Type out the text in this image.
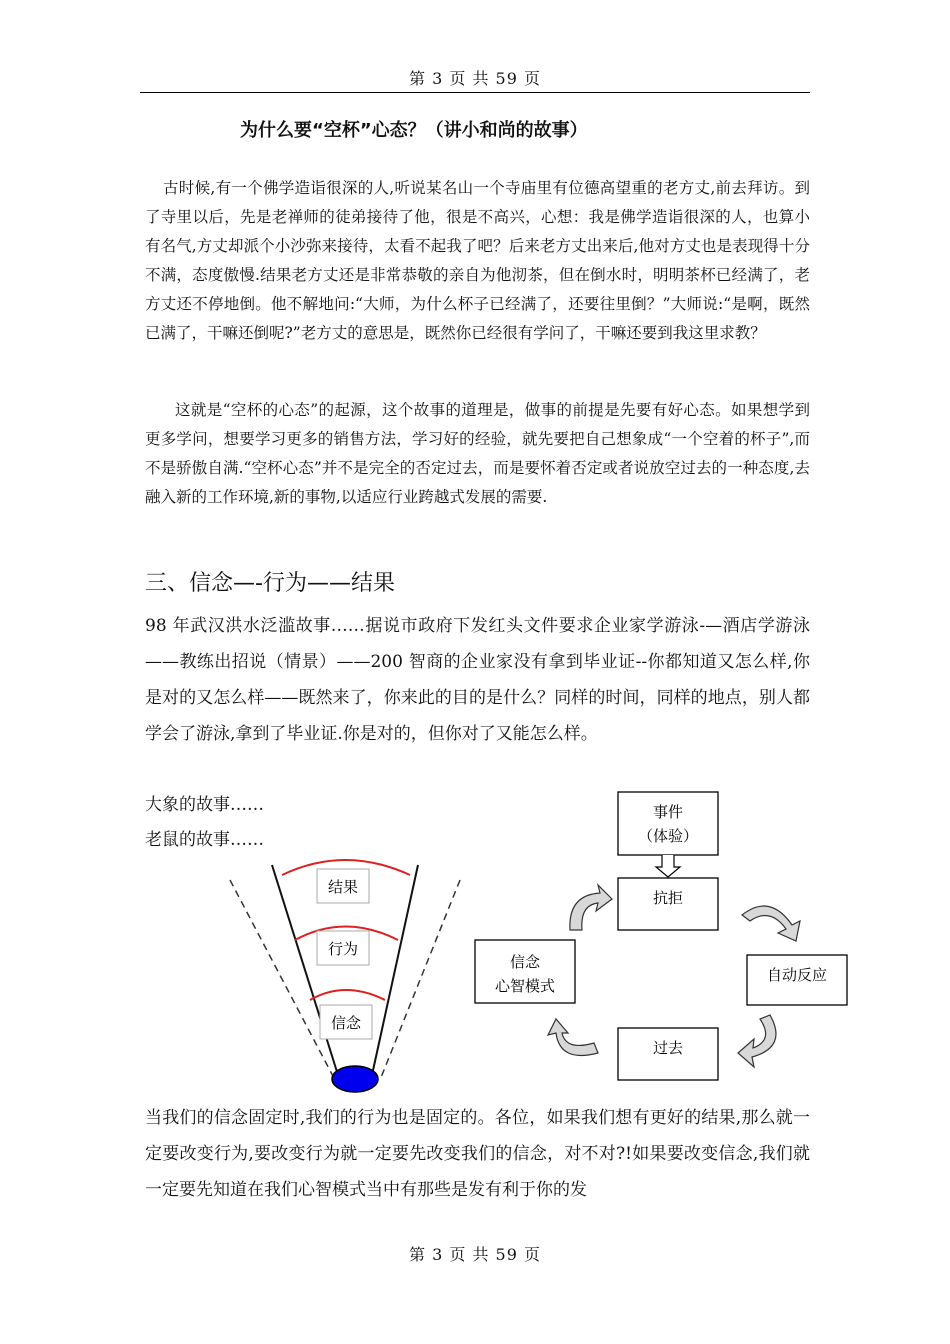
第 3 页 共 59 页
为什么要“空杯”心态？（讲小和尚的故事）
古时候,有一个佛学造诣很深的人,听说某名山一个寺庙里有位德高望重的老方丈,前去拜访。到了寺里以后，先是老禅师的徒弟接待了他，很是不高兴，心想：我是佛学造诣很深的人，也算小有名气,方丈却派个小沙弥来接待，太看不起我了吧？后来老方丈出来后,他对方丈也是表现得十分不满，态度傲慢.结果老方丈还是非常恭敬的亲自为他沏茶，但在倒水时，明明茶杯已经满了，老方丈还不停地倒。他不解地问:“大师，为什么杯子已经满了，还要往里倒？”大师说:“是啊，既然已满了，干嘛还倒呢?”老方丈的意思是，既然你已经很有学问了，干嘛还要到我这里求教？
这就是“空杯的心态”的起源，这个故事的道理是，做事的前提是先要有好心态。如果想学到更多学问，想要学习更多的销售方法，学习好的经验，就先要把自己想象成“一个空着的杯子”,而不是骄傲自满.“空杯心态”并不是完全的否定过去，而是要怀着否定或者说放空过去的一种态度,去融入新的工作环境,新的事物,以适应行业跨越式发展的需要.
三、信念—-行为——结果
98 年武汉洪水泛滥故事……据说市政府下发红头文件要求企业家学游泳-—酒店学游泳——教练出招说（情景）——200 智商的企业家没有拿到毕业证--你都知道又怎么样,你是对的又怎么样——既然来了，你来此的目的是什么？同样的时间，同样的地点，别人都学会了游泳,拿到了毕业证.你是对的，但你对了又能怎么样。
大象的故事……
老鼠的故事……
结果
行为
信念
事件
（体验）
抗拒
自动反应
过去
信念
心智模式
当我们的信念固定时,我们的行为也是固定的。各位，如果我们想有更好的结果,那么就一定要改变行为,要改变行为就一定要先改变我们的信念，对不对?!如果要改变信念,我们就一定要先知道在我们心智模式当中有那些是发有利于你的发
第 3 页 共 59 页
